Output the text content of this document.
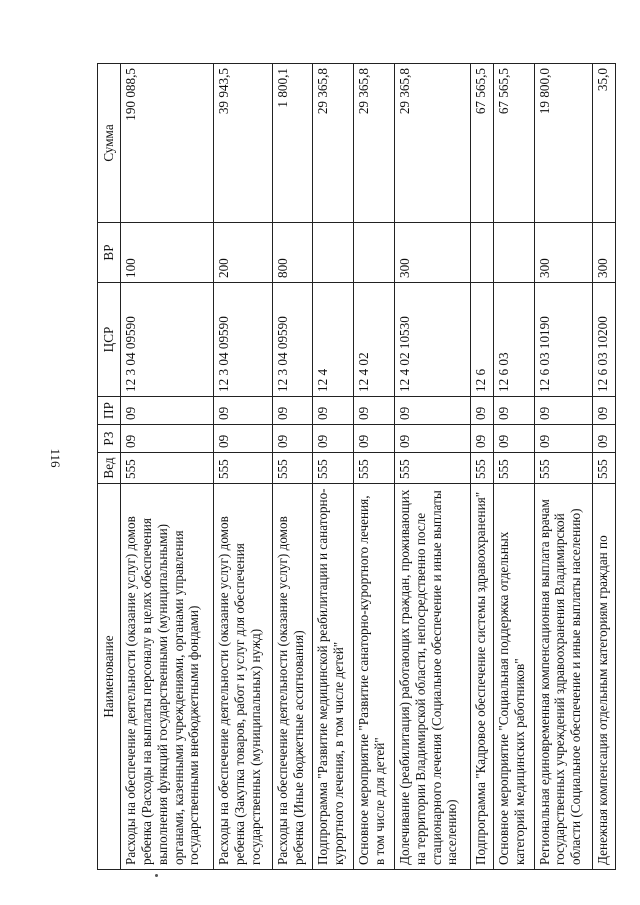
116
Наименование	Вед	РЗ	ПР	ЦСР	ВР	Сумма
Расходы на обеспечение деятельности (оказание услуг) домов ребенка (Расходы на выплаты персоналу в целях обеспечения выполнения функций государственными (муниципальными) органами, казенными учреждениями, органами управления государственными внебюджетными фондами)	555	09	09	12 3 04 09590	100	190 088,5
Расходы на обеспечение деятельности (оказание услуг) домов ребенка (Закупка товаров, работ и услуг для обеспечения государственных (муниципальных) нужд)	555	09	09	12 3 04 09590	200	39 943,5
Расходы на обеспечение деятельности (оказание услуг) домов ребенка (Иные бюджетные ассигнования)	555	09	09	12 3 04 09590	800	1 800,1
Подпрограмма "Развитие медицинской реабилитации и санаторно-курортного лечения, в том числе детей"	555	09	09	12 4		29 365,8
Основное мероприятие "Развитие санаторно-курортного лечения, в том числе для детей"	555	09	09	12 4 02		29 365,8
Долечивание (реабилитация) работающих граждан, проживающих на территории Владимирской области, непосредственно после стационарного лечения (Социальное обеспечение и иные выплаты населению)	555	09	09	12 4 02 10530	300	29 365,8
Подпрограмма "Кадровое обеспечение системы здравоохранения"	555	09	09	12 6		67 565,5
Основное мероприятие "Социальная поддержка отдельных категорий медицинских работников"	555	09	09	12 6 03		67 565,5
Региональная единовременная компенсационная выплата врачам государственных учреждений здравоохранения Владимирской области (Социальное обеспечение и иные выплаты населению)	555	09	09	12 6 03 10190	300	19 800,0
Денежная компенсация отдельным категориям граждан по	555	09	09	12 6 03 10200	300	35,0
